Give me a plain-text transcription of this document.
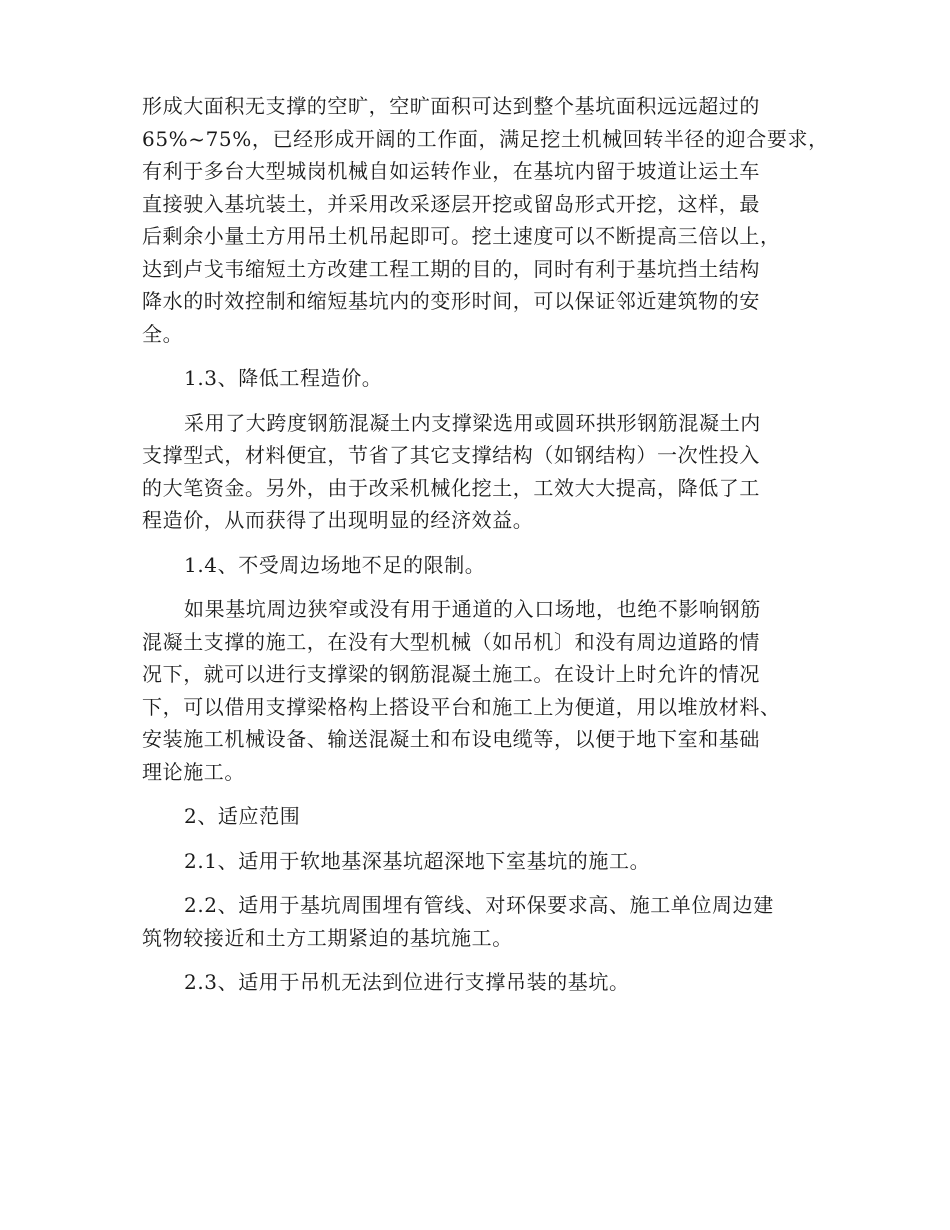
形成大面积无支撑的空旷，空旷面积可达到整个基坑面积远远超过的
65%~75%，已经形成开阔的工作面，满足挖土机械回转半径的迎合要求，
有利于多台大型城岗机械自如运转作业，在基坑内留于坡道让运土车
直接驶入基坑装土，并采用改采逐层开挖或留岛形式开挖，这样，最
后剩余小量土方用吊土机吊起即可。挖土速度可以不断提高三倍以上，
达到卢戈韦缩短土方改建工程工期的目的，同时有利于基坑挡土结构
降水的时效控制和缩短基坑内的变形时间，可以保证邻近建筑物的安
全。
1.3、降低工程造价。
采用了大跨度钢筋混凝土内支撑梁选用或圆环拱形钢筋混凝土内
支撑型式，材料便宜，节省了其它支撑结构（如钢结构）一次性投入
的大笔资金。另外，由于改采机械化挖土，工效大大提高，降低了工
程造价，从而获得了出现明显的经济效益。
1.4、不受周边场地不足的限制。
如果基坑周边狭窄或没有用于通道的入口场地，也绝不影响钢筋
混凝土支撑的施工，在没有大型机械（如吊机〕和没有周边道路的情
况下，就可以进行支撑梁的钢筋混凝土施工。在设计上时允许的情况
下，可以借用支撑梁格构上搭设平台和施工上为便道，用以堆放材料、
安装施工机械设备、输送混凝土和布设电缆等，以便于地下室和基础
理论施工。
2、适应范围
2.1、适用于软地基深基坑超深地下室基坑的施工。
2.2、适用于基坑周围埋有管线、对环保要求高、施工单位周边建
筑物较接近和土方工期紧迫的基坑施工。
2.3、适用于吊机无法到位进行支撑吊装的基坑。
